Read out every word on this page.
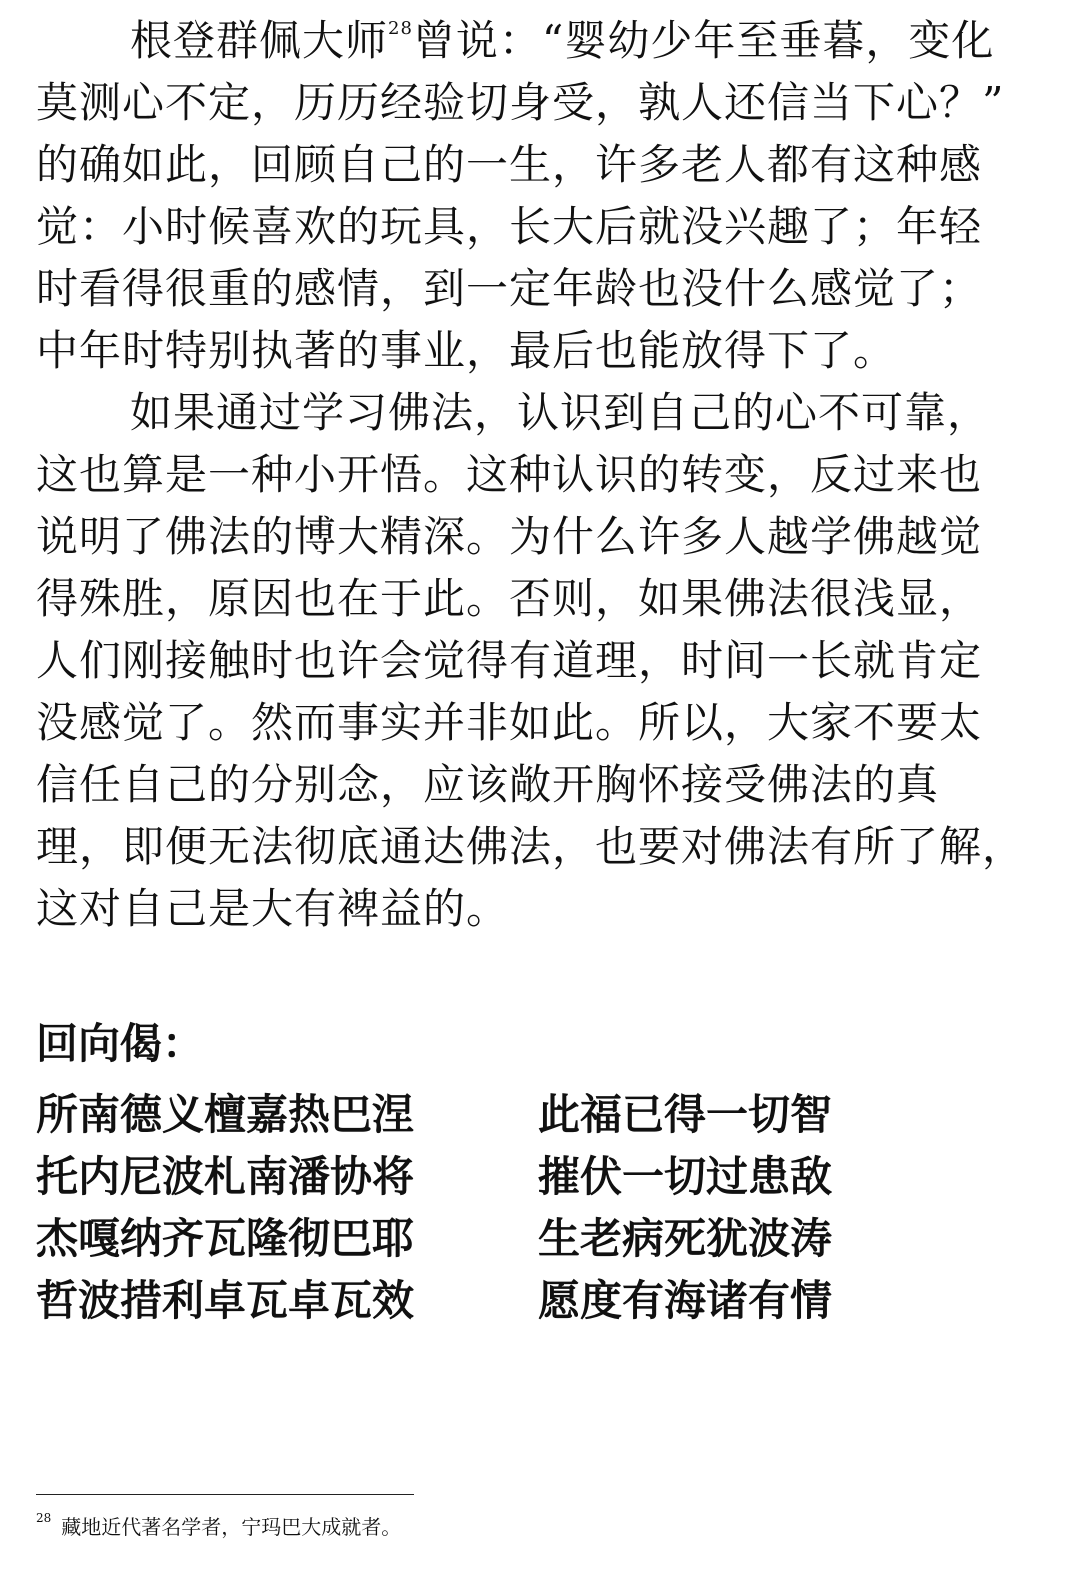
根登群佩大师$^{28}$曾说：“婴幼少年至垂暮，变化
莫测心不定，历历经验切身受，孰人还信当下心？”
的确如此，回顾自己的一生，许多老人都有这种感
觉：小时候喜欢的玩具，长大后就没兴趣了；年轻
时看得很重的感情，到一定年龄也没什么感觉了；
中年时特别执著的事业，最后也能放得下了。
如果通过学习佛法，认识到自己的心不可靠，
这也算是一种小开悟。这种认识的转变，反过来也
说明了佛法的博大精深。为什么许多人越学佛越觉
得殊胜，原因也在于此。否则，如果佛法很浅显，
人们刚接触时也许会觉得有道理，时间一长就肯定
没感觉了。然而事实并非如此。所以，大家不要太
信任自己的分别念，应该敞开胸怀接受佛法的真
理，即便无法彻底通达佛法，也要对佛法有所了解，
这对自己是大有裨益的。
回向偈：
所南德义檀嘉热巴涅	此福已得一切智
托内尼波札南潘协将	摧伏一切过患敌
杰嘎纳齐瓦隆彻巴耶	生老病死犹波涛
哲波措利卓瓦卓瓦效	愿度有海诸有情
$^{28}$ 藏地近代著名学者，宁玛巴大成就者。
